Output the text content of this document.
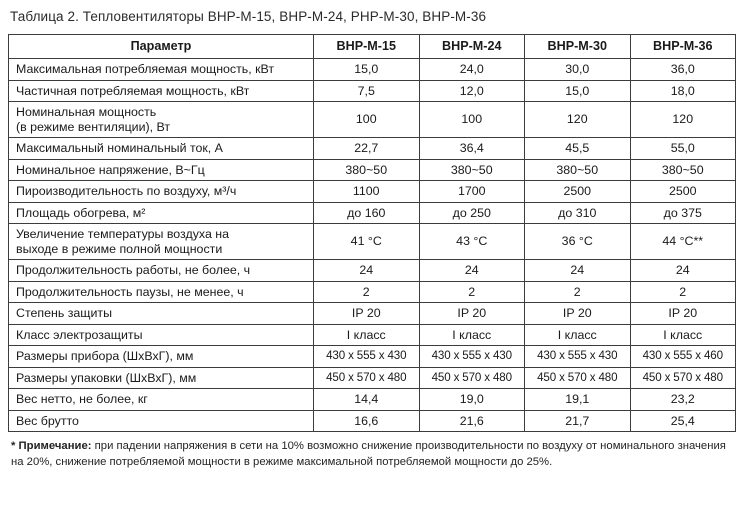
Таблица 2. Тепловентиляторы ВНР-М-15, ВНР-М-24, РНР-М-30, ВНР-М-36
Параметр	ВНР-М-15	ВНР-М-24	ВНР-М-30	ВНР-М-36
Максимальная потребляемая мощность, кВт	15,0	24,0	30,0	36,0
Частичная потребляемая мощность, кВт	7,5	12,0	15,0	18,0
Номинальная мощность
(в режиме вентиляции), Вт	100	100	120	120
Максимальный номинальный ток, А	22,7	36,4	45,5	55,0
Номинальное напряжение, В~Гц	380~50	380~50	380~50	380~50
Пироизводительность по воздуху, м³/ч	1100	1700	2500	2500
Площадь обогрева, м²	до 160	до 250	до 310	до 375
Увеличение температуры воздуха на
выходе в режиме полной мощности	41 °C	43 °C	36 °C	44 °C**
Продолжительность работы, не более, ч	24	24	24	24
Продолжительность паузы, не менее, ч	2	2	2	2
Степень защиты	IP 20	IP 20	IP 20	IP 20
Класс электрозащиты	I класс	I класс	I класс	I класс
Размеры прибора (ШхВхГ), мм	430 x 555 x 430	430 x 555 x 430	430 x 555 x 430	430 x 555 x 460
Размеры упаковки (ШхВхГ), мм	450 x 570 x 480	450 x 570 x 480	450 x 570 x 480	450 x 570 x 480
Вес нетто, не более, кг	14,4	19,0	19,1	23,2
Вес брутто	16,6	21,6	21,7	25,4
* Примечание: при падении напряжения в сети на 10% возможно снижение производительности по воздуху от номинального значения на 20%, снижение потребляемой мощности в режиме максимальной потребляемой мощности до 25%.
